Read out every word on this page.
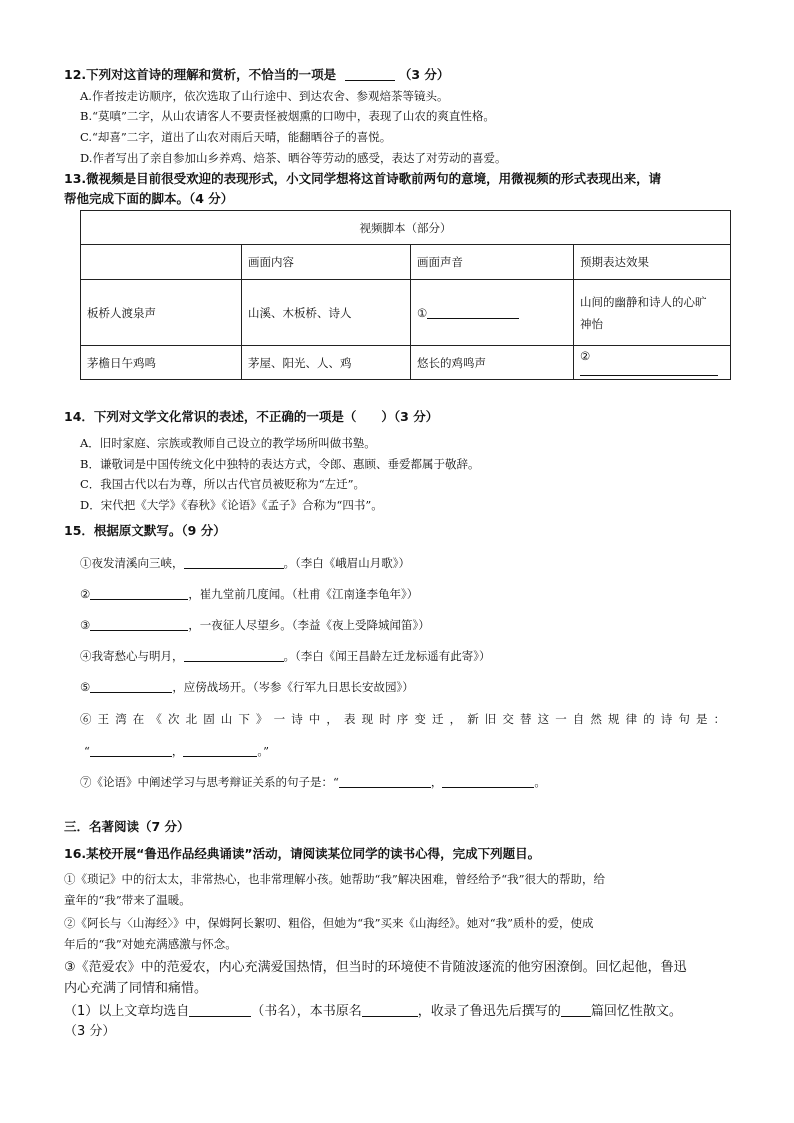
12.下列对这首诗的理解和赏析，不恰当的一项是	（3 分）
A.作者按走访顺序，依次选取了山行途中、到达农舍、参观焙茶等镜头。
B.“莫嗔”二字，从山农请客人不要责怪被烟熏的口吻中，表现了山农的爽直性格。
C.“却喜”二字，道出了山农对雨后天晴，能翻晒谷子的喜悦。
D.作者写出了亲自参加山乡养鸡、焙茶、晒谷等劳动的感受，表达了对劳动的喜爱。
13.微视频是目前很受欢迎的表现形式，小文同学想将这首诗歌前两句的意境，用微视频的形式表现出来，请
帮他完成下面的脚本。（4 分）
视频脚本（部分）			
	画面内容	画面声音	预期表达效果
板桥人渡泉声	山溪、木板桥、诗人	①	山间的幽静和诗人的心旷
神怡

茅檐日午鸡鸣	茅屋、阳光、人、鸡	悠长的鸡鸣声	②
14．下列对文学文化常识的表述，不正确的一项是（　　）（3 分）
A．旧时家庭、宗族或教师自己设立的教学场所叫做书塾。
B．谦敬词是中国传统文化中独特的表达方式，令郎、惠顾、垂爱都属于敬辞。
C．我国古代以右为尊，所以古代官员被贬称为“左迁”。
D．宋代把《大学》《春秋》《论语》《孟子》合称为“四书”。
15．根据原文默写。（9 分）
①夜发清溪向三峡，	。（李白《峨眉山月歌》）
②	，崔九堂前几度闻。（杜甫《江南逢李龟年》）
③	，一夜征人尽望乡。（李益《夜上受降城闻笛》）
④我寄愁心与明月，	。（李白《闻王昌龄左迁龙标遥有此寄》）
⑤	，应傍战场开。（岑参《行军九日思长安故园》）
⑥王湾在《次北固山下》一诗中，表现时序变迁，新旧交替这一自然规律的诗句是：
“	，	。”
⑦《论语》中阐述学习与思考辩证关系的句子是：“	，	。
三．名著阅读（7 分）
16.某校开展“鲁迅作品经典诵读”活动，请阅读某位同学的读书心得，完成下列题目。
①《琐记》中的衍太太，非常热心，也非常理解小孩。她帮助“我”解决困难，曾经给予“我”很大的帮助，给
童年的“我”带来了温暖。
②《阿长与〈山海经〉》中，保姆阿长絮叨、粗俗，但她为“我”买来《山海经》。她对“我”质朴的爱，使成
年后的“我”对她充满感激与怀念。
③《范爱农》中的范爱农，内心充满爱国热情，但当时的环境使不肯随波逐流的他穷困潦倒。回忆起他，鲁迅
内心充满了同情和痛惜。
（1）以上文章均选自	（书名），本书原名	，收录了鲁迅先后撰写的 篇回忆性散文。
（3 分）
